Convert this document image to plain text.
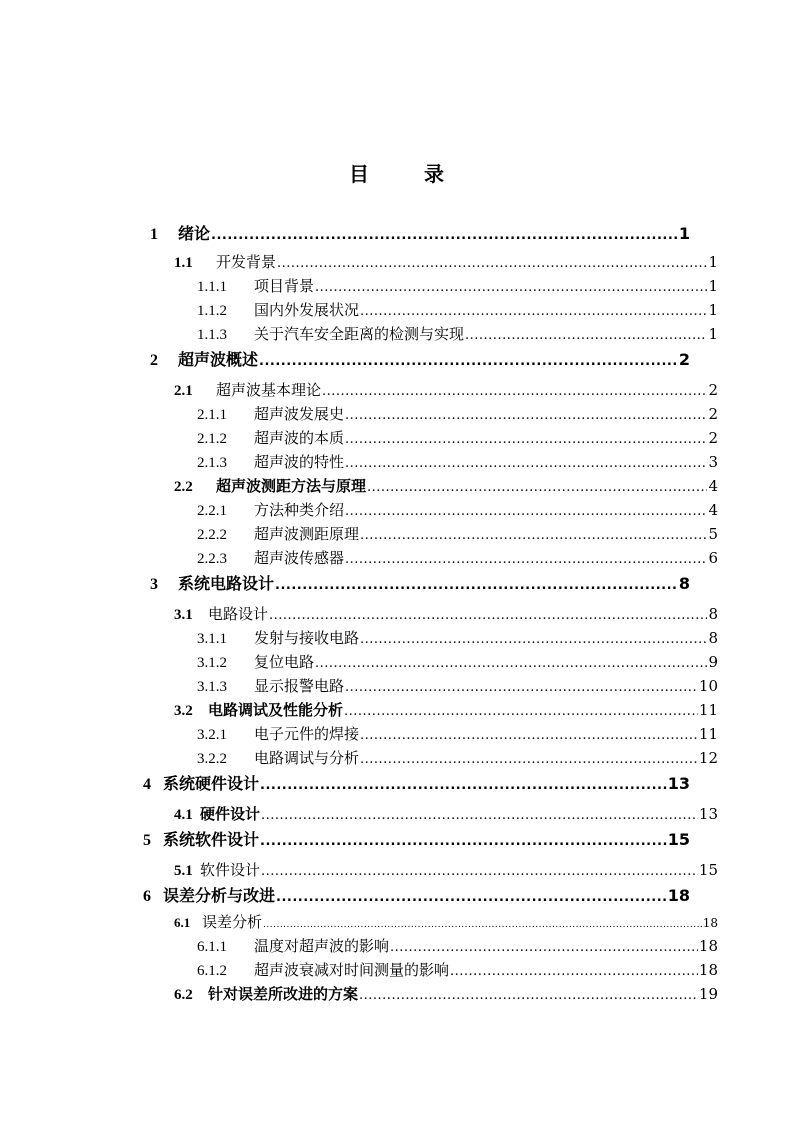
目 录
1	绪论 .....	1
1.1	开发背景 .....	1
1.1.1	项目背景 .....	1
1.1.2	国内外发展状况 .....	1
1.1.3	关于汽车安全距离的检测与实现 .....	1
2	超声波概述 .....	2
2.1	超声波基本理论 .....	2
2.1.1	超声波发展史 .....	2
2.1.2	超声波的本质 .....	2
2.1.3	超声波的特性 .....	3
2.2	超声波测距方法与原理 .....	4
2.2.1	方法种类介绍 .....	4
2.2.2	超声波测距原理 .....	5
2.2.3	超声波传感器 .....	6
3	系统电路设计 .....	8
3.1	电路设计 .....	8
3.1.1	发射与接收电路 .....	8
3.1.2	复位电路 .....	9
3.1.3	显示报警电路 .....	10
3.2	电路调试及性能分析 .....	11
3.2.1	电子元件的焊接 .....	11
3.2.2	电路调试与分析 .....	12
4 系统硬件设计 .....	13
4.1 硬件设计 .....	13
5 系统软件设计 .....	15
5.1 软件设计 .....	15
6 误差分析与改进 .....	18
6.1 误差分析 .....	18
6.1.1	温度对超声波的影响 .....	18
6.1.2	超声波衰减对时间测量的影响 .....	18
6.2	针对误差所改进的方案 .....	19
